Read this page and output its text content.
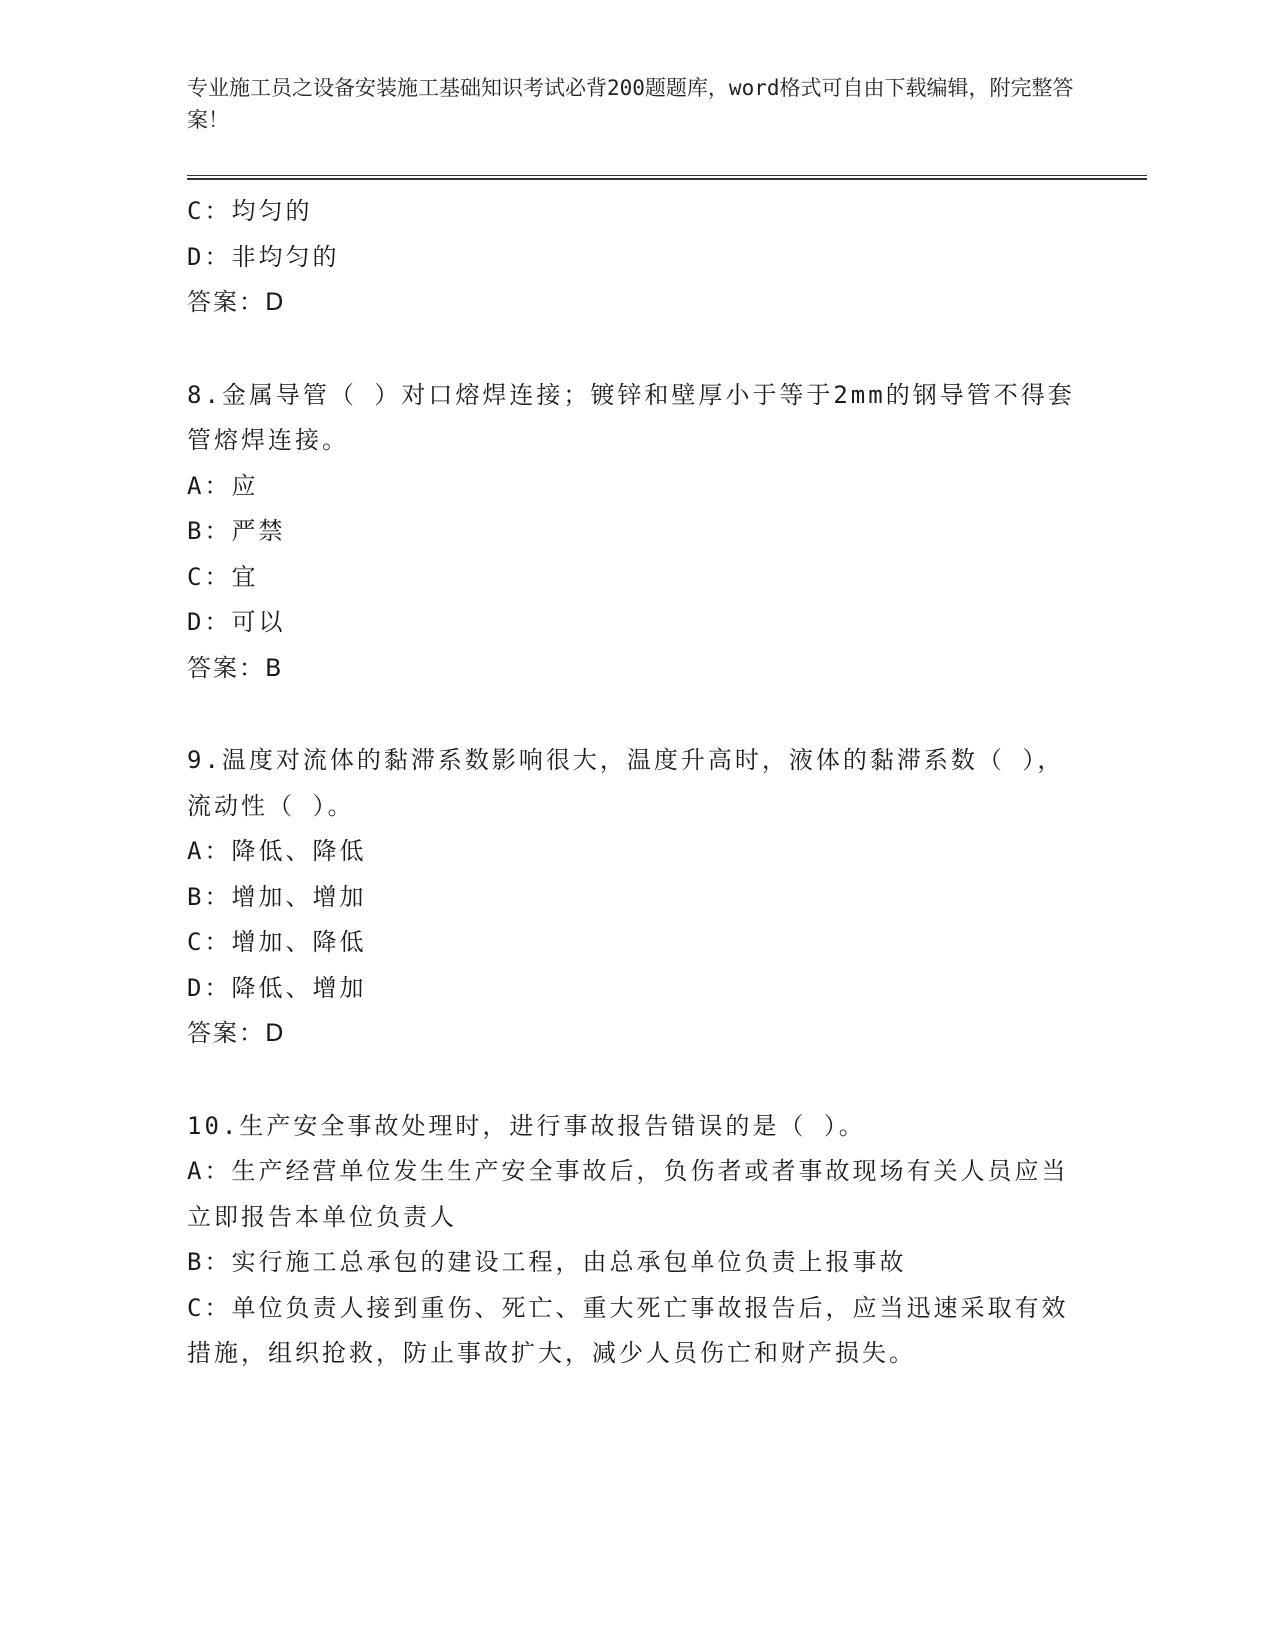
专业施工员之设备安装施工基础知识考试必背200题题库，word格式可自由下载编辑，附完整答案！
C：均匀的
D：非均匀的
答案：D
8.金属导管（ ）对口熔焊连接；镀锌和壁厚小于等于2mm的钢导管不得套管熔焊连接。
A：应
B：严禁
C：宜
D：可以
答案：B
9.温度对流体的黏滞系数影响很大，温度升高时，液体的黏滞系数（ ），流动性（ ）。
A：降低、降低
B：增加、增加
C：增加、降低
D：降低、增加
答案：D
10.生产安全事故处理时，进行事故报告错误的是（ ）。
A：生产经营单位发生生产安全事故后，负伤者或者事故现场有关人员应当立即报告本单位负责人
B：实行施工总承包的建设工程，由总承包单位负责上报事故
C：单位负责人接到重伤、死亡、重大死亡事故报告后，应当迅速采取有效措施，组织抢救，防止事故扩大，减少人员伤亡和财产损失。
